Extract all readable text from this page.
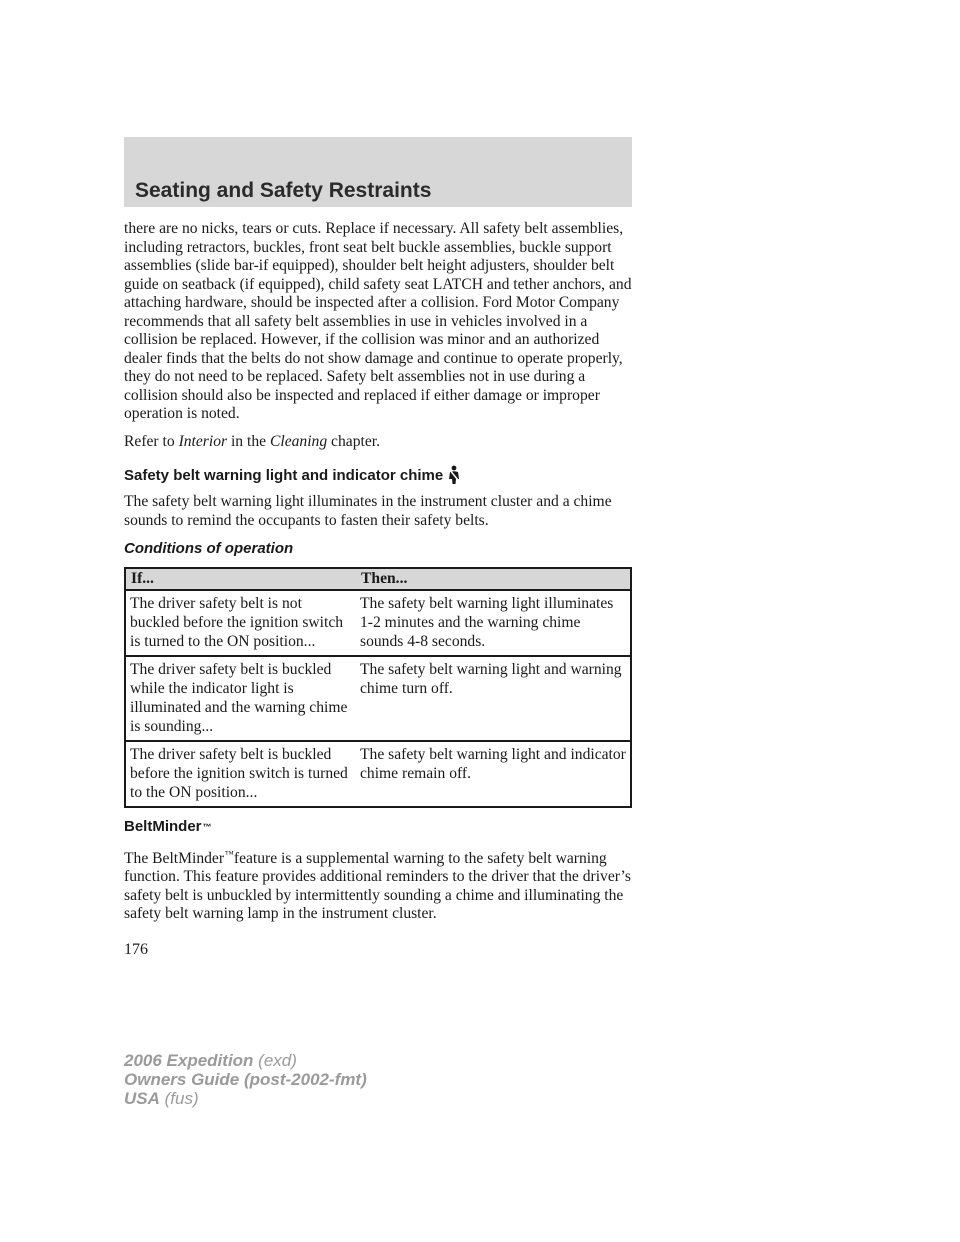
Seating and Safety Restraints

there are no nicks, tears or cuts. Replace if necessary. All safety belt assemblies, including retractors, buckles, front seat belt buckle assemblies, buckle support assemblies (slide bar-if equipped), shoulder belt height adjusters, shoulder belt guide on seatback (if equipped), child safety seat LATCH and tether anchors, and attaching hardware, should be inspected after a collision. Ford Motor Company recommends that all safety belt assemblies in use in vehicles involved in a collision be replaced. However, if the collision was minor and an authorized dealer finds that the belts do not show damage and continue to operate properly, they do not need to be replaced. Safety belt assemblies not in use during a collision should also be inspected and replaced if either damage or improper operation is noted.

Refer to Interior in the Cleaning chapter.

Safety belt warning light and indicator chime

The safety belt warning light illuminates in the instrument cluster and a chime sounds to remind the occupants to fasten their safety belts.

Conditions of operation
If...	Then...
The driver safety belt is not buckled before the ignition switch is turned to the ON position...	The safety belt warning light illuminates 1-2 minutes and the warning chime sounds 4-8 seconds.
The driver safety belt is buckled while the indicator light is illuminated and the warning chime is sounding...	The safety belt warning light and warning chime turn off.
The driver safety belt is buckled before the ignition switch is turned to the ON position...	The safety belt warning light and indicator chime remain off.
BeltMinder ™

The BeltMinder™feature is a supplemental warning to the safety belt warning function. This feature provides additional reminders to the driver that the driver’s safety belt is unbuckled by intermittently sounding a chime and illuminating the safety belt warning lamp in the instrument cluster.

176
2006 Expedition (exd)
Owners Guide (post-2002-fmt)
USA (fus)
